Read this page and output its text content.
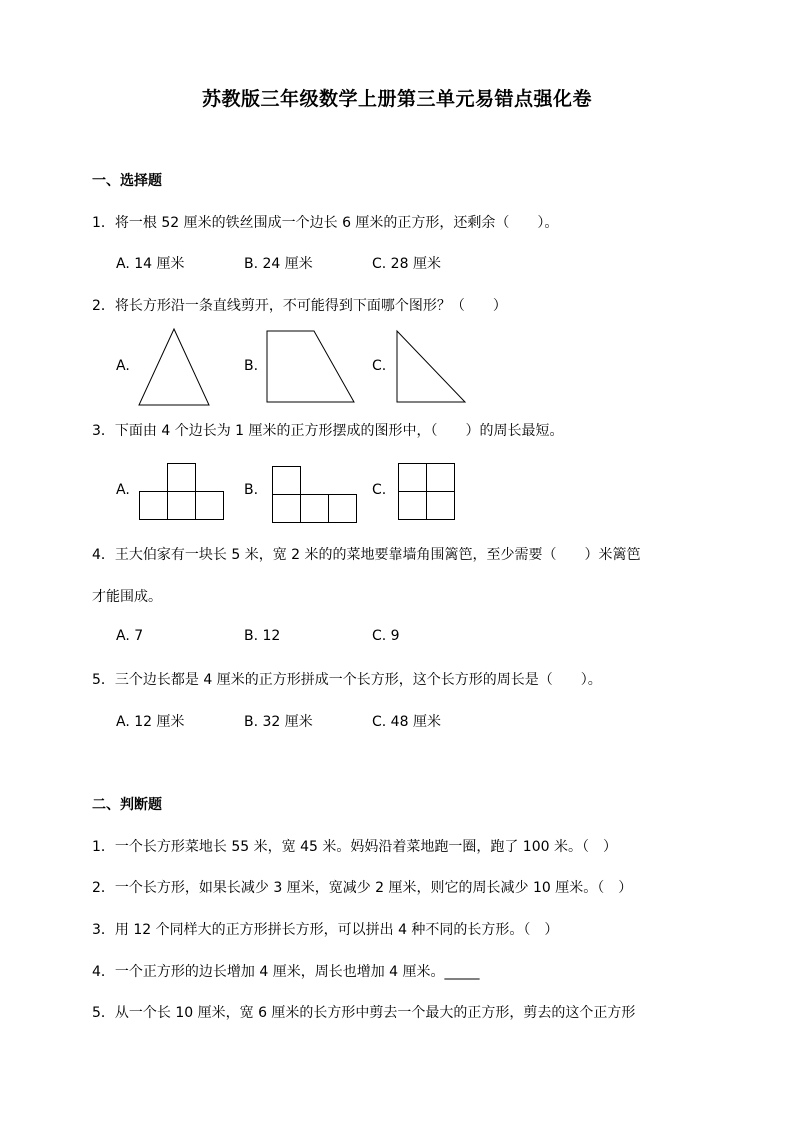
苏教版三年级数学上册第三单元易错点强化卷
一、选择题
1．将一根 52 厘米的铁丝围成一个边长 6 厘米的正方形，还剩余（　　）。
A. 14 厘米	B. 24 厘米	C. 28 厘米
2．将长方形沿一条直线剪开，不可能得到下面哪个图形？（　　）
A.	B.	C.
3．下面由 4 个边长为 1 厘米的正方形摆成的图形中，（　　）的周长最短。
A.	B.	C.
4．王大伯家有一块长 5 米，宽 2 米的的菜地要靠墙角围篱笆，至少需要（　　）米篱笆
才能围成。
A. 7	B. 12	C. 9
5．三个边长都是 4 厘米的正方形拼成一个长方形，这个长方形的周长是（　　）。
A. 12 厘米	B. 32 厘米	C. 48 厘米
二、判断题
1．一个长方形菜地长 55 米，宽 45 米。妈妈沿着菜地跑一圈，跑了 100 米。（　）
2．一个长方形，如果长减少 3 厘米，宽减少 2 厘米，则它的周长减少 10 厘米。（　）
3．用 12 个同样大的正方形拼长方形，可以拼出 4 种不同的长方形。（　）
4．一个正方形的边长增加 4 厘米，周长也增加 4 厘米。_____
5．从一个长 10 厘米，宽 6 厘米的长方形中剪去一个最大的正方形，剪去的这个正方形
